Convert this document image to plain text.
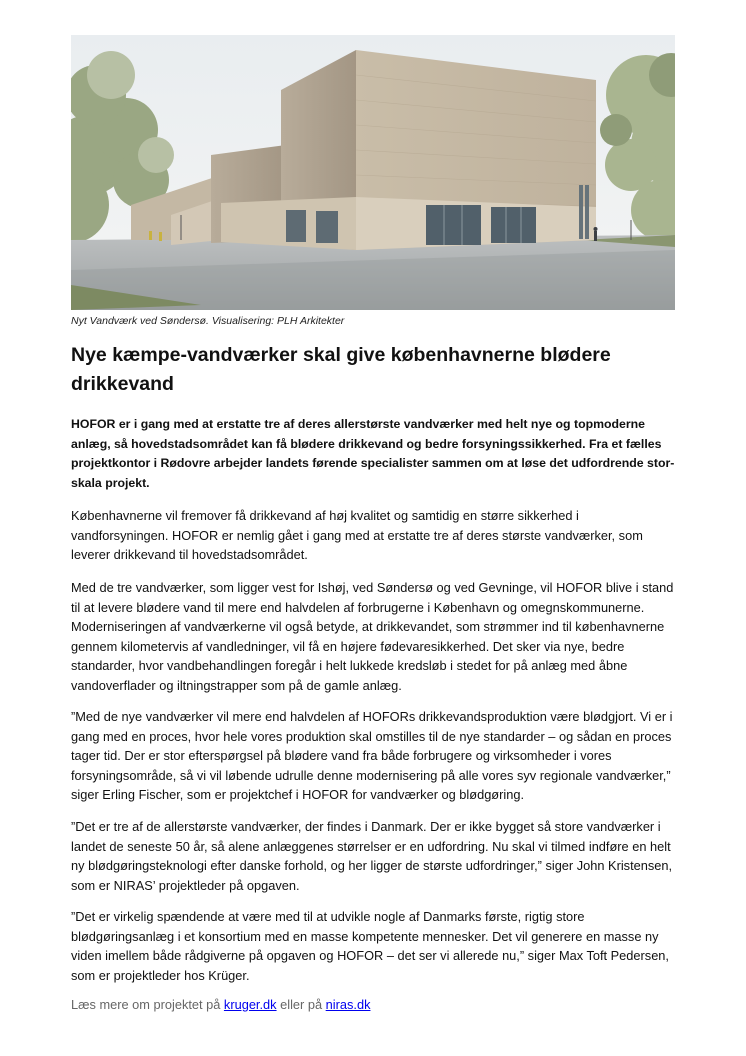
Nyt Vandværk ved Søndersø. Visualisering: PLH Arkitekter
Nye kæmpe-vandværker skal give københavnerne blødere drikkevand

HOFOR er i gang med at erstatte tre af deres allerstørste vandværker med helt nye og topmoderne anlæg, så hovedstadsområdet kan få blødere drikkevand og bedre forsyningssikkerhed. Fra et fælles projektkontor i Rødovre arbejder landets førende specialister sammen om at løse det udfordrende stor-skala projekt.

Københavnerne vil fremover få drikkevand af høj kvalitet og samtidig en større sikkerhed i vandforsyningen. HOFOR er nemlig gået i gang med at erstatte tre af deres største vandværker, som leverer drikkevand til hovedstadsområdet.

Med de tre vandværker, som ligger vest for Ishøj, ved Søndersø og ved Gevninge, vil HOFOR blive i stand til at levere blødere vand til mere end halvdelen af forbrugerne i København og omegnskommunerne. Moderniseringen af vandværkerne vil også betyde, at drikkevandet, som strømmer ind til københavnerne gennem kilometervis af vandledninger, vil få en højere fødevaresikkerhed. Det sker via nye, bedre standarder, hvor vandbehandlingen foregår i helt lukkede kredsløb i stedet for på anlæg med åbne vandoverflader og iltningstrapper som på de gamle anlæg.

”Med de nye vandværker vil mere end halvdelen af HOFORs drikkevandsproduktion være blødgjort. Vi er i gang med en proces, hvor hele vores produktion skal omstilles til de nye standarder – og sådan en proces tager tid. Der er stor efterspørgsel på blødere vand fra både forbrugere og virksomheder i vores forsyningsområde, så vi vil løbende udrulle denne modernisering på alle vores syv regionale vandværker,” siger Erling Fischer, som er projektchef i HOFOR for vandværker og blødgøring.

”Det er tre af de allerstørste vandværker, der findes i Danmark. Der er ikke bygget så store vandværker i landet de seneste 50 år, så alene anlæggenes størrelser er en udfordring. Nu skal vi tilmed indføre en helt ny blødgøringsteknologi efter danske forhold, og her ligger de største udfordringer,” siger John Kristensen, som er NIRAS’ projektleder på opgaven.

”Det er virkelig spændende at være med til at udvikle nogle af Danmarks første, rigtig store blødgøringsanlæg i et konsortium med en masse kompetente mennesker. Det vil generere en masse ny viden imellem både rådgiverne på opgaven og HOFOR – det ser vi allerede nu,” siger Max Toft Pedersen, som er projektleder hos Krüger.

Læs mere om projektet på kruger.dk eller på niras.dk
